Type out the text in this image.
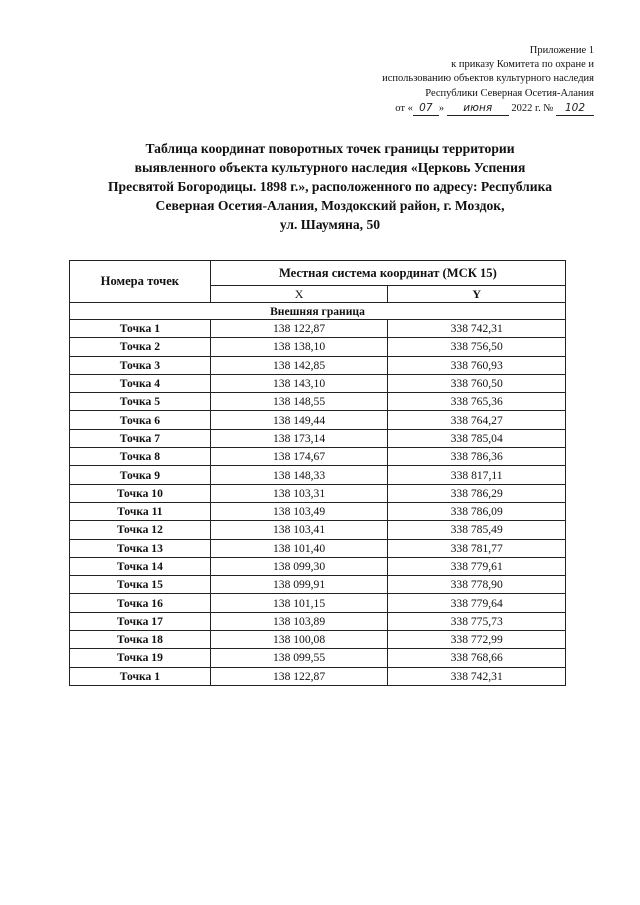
Приложение 1
к приказу Комитета по охране и
использованию объектов культурного наследия
Республики Северная Осетия-Алания
от « 07 » июня 2022 г. № 102
Таблица координат поворотных точек границы территории
выявленного объекта культурного наследия «Церковь Успения
Пресвятой Богородицы. 1898 г.», расположенного по адресу: Республика
Северная Осетия-Алания, Моздокский район, г. Моздок,
ул. Шаумяна, 50
Номера точек	Местная система координат (МСК 15)	
	X	Y
Внешняя граница		
Точка 1	138 122,87	338 742,31
Точка 2	138 138,10	338 756,50
Точка 3	138 142,85	338 760,93
Точка 4	138 143,10	338 760,50
Точка 5	138 148,55	338 765,36
Точка 6	138 149,44	338 764,27
Точка 7	138 173,14	338 785,04
Точка 8	138 174,67	338 786,36
Точка 9	138 148,33	338 817,11
Точка 10	138 103,31	338 786,29
Точка 11	138 103,49	338 786,09
Точка 12	138 103,41	338 785,49
Точка 13	138 101,40	338 781,77
Точка 14	138 099,30	338 779,61
Точка 15	138 099,91	338 778,90
Точка 16	138 101,15	338 779,64
Точка 17	138 103,89	338 775,73
Точка 18	138 100,08	338 772,99
Точка 19	138 099,55	338 768,66
Точка 1	138 122,87	338 742,31
